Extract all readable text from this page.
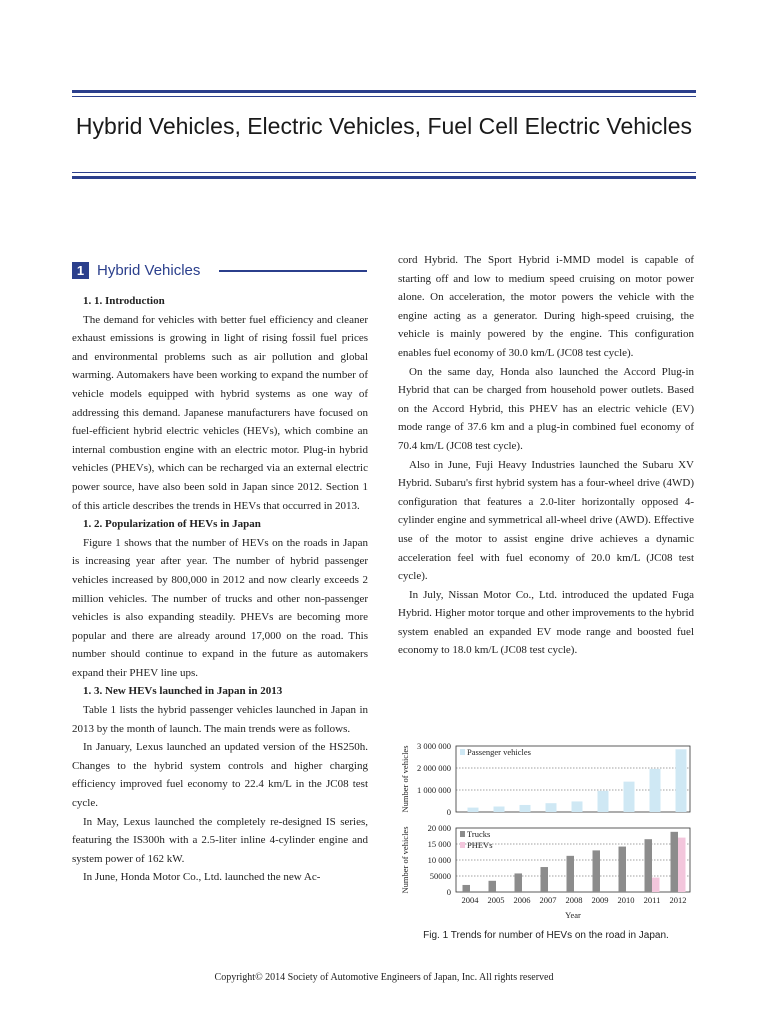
Hybrid Vehicles, Electric Vehicles, Fuel Cell Electric Vehicles
1 Hybrid Vehicles

1. 1. Introduction

The demand for vehicles with better fuel efficiency and cleaner exhaust emissions is growing in light of rising fossil fuel prices and environmental problems such as air pollution and global warming. Automakers have been working to expand the number of vehicle models equipped with hybrid systems as one way of addressing this demand. Japanese manufacturers have focused on fuel-efficient hybrid electric vehicles (HEVs), which combine an internal combustion engine with an electric motor. Plug-in hybrid vehicles (PHEVs), which can be recharged via an external electric power source, have also been sold in Japan since 2012. Section 1 of this article describes the trends in HEVs that occurred in 2013.

1. 2. Popularization of HEVs in Japan

Figure 1 shows that the number of HEVs on the roads in Japan is increasing year after year. The number of hybrid passenger vehicles increased by 800,000 in 2012 and now clearly exceeds 2 million vehicles. The number of trucks and other non-passenger vehicles is also expanding steadily. PHEVs are becoming more popular and there are already around 17,000 on the road. This number should continue to expand in the future as automakers expand their PHEV line ups.

1. 3. New HEVs launched in Japan in 2013

Table 1 lists the hybrid passenger vehicles launched in Japan in 2013 by the month of launch. The main trends were as follows.

In January, Lexus launched an updated version of the HS250h. Changes to the hybrid system controls and higher charging efficiency improved fuel economy to 22.4 km/L in the JC08 test cycle.

In May, Lexus launched the completely re-designed IS series, featuring the IS300h with a 2.5-liter inline 4-cylinder engine and system power of 162 kW.

In June, Honda Motor Co., Ltd. launched the new Ac-

cord Hybrid. The Sport Hybrid i-MMD model is capable of starting off and low to medium speed cruising on motor power alone. On acceleration, the motor powers the vehicle with the engine acting as a generator. During high-speed cruising, the vehicle is mainly powered by the engine. This configuration enables fuel economy of 30.0 km/L (JC08 test cycle).

On the same day, Honda also launched the Accord Plug-in Hybrid that can be charged from household power outlets. Based on the Accord Hybrid, this PHEV has an electric vehicle (EV) mode range of 37.6 km and a plug-in combined fuel economy of 70.4 km/L (JC08 test cycle).

Also in June, Fuji Heavy Industries launched the Subaru XV Hybrid. Subaru's first hybrid system has a four-wheel drive (4WD) configuration that features a 2.0-liter horizontally opposed 4-cylinder engine and symmetrical all-wheel drive (AWD). Effective use of the motor to assist engine drive achieves a dynamic acceleration feel with fuel economy of 20.0 km/L (JC08 test cycle).

In July, Nissan Motor Co., Ltd. introduced the updated Fuga Hybrid. Higher motor torque and other improvements to the hybrid system enabled an expanded EV mode range and boosted fuel economy to 18.0 km/L (JC08 test cycle).

0
1 000 000
2 000 000
3 000 000
Number of vehicles	Passenger vehicles
0
50000
10 000
15 000
20 000
Number of vehicles	Trucks
PHEVs
2004 2005 2006 2007 2008 2009 2010 2011 2012
Year
Fig. 1 Trends for number of HEVs on the road in Japan.
Copyright© 2014 Society of Automotive Engineers of Japan, Inc. All rights reserved
